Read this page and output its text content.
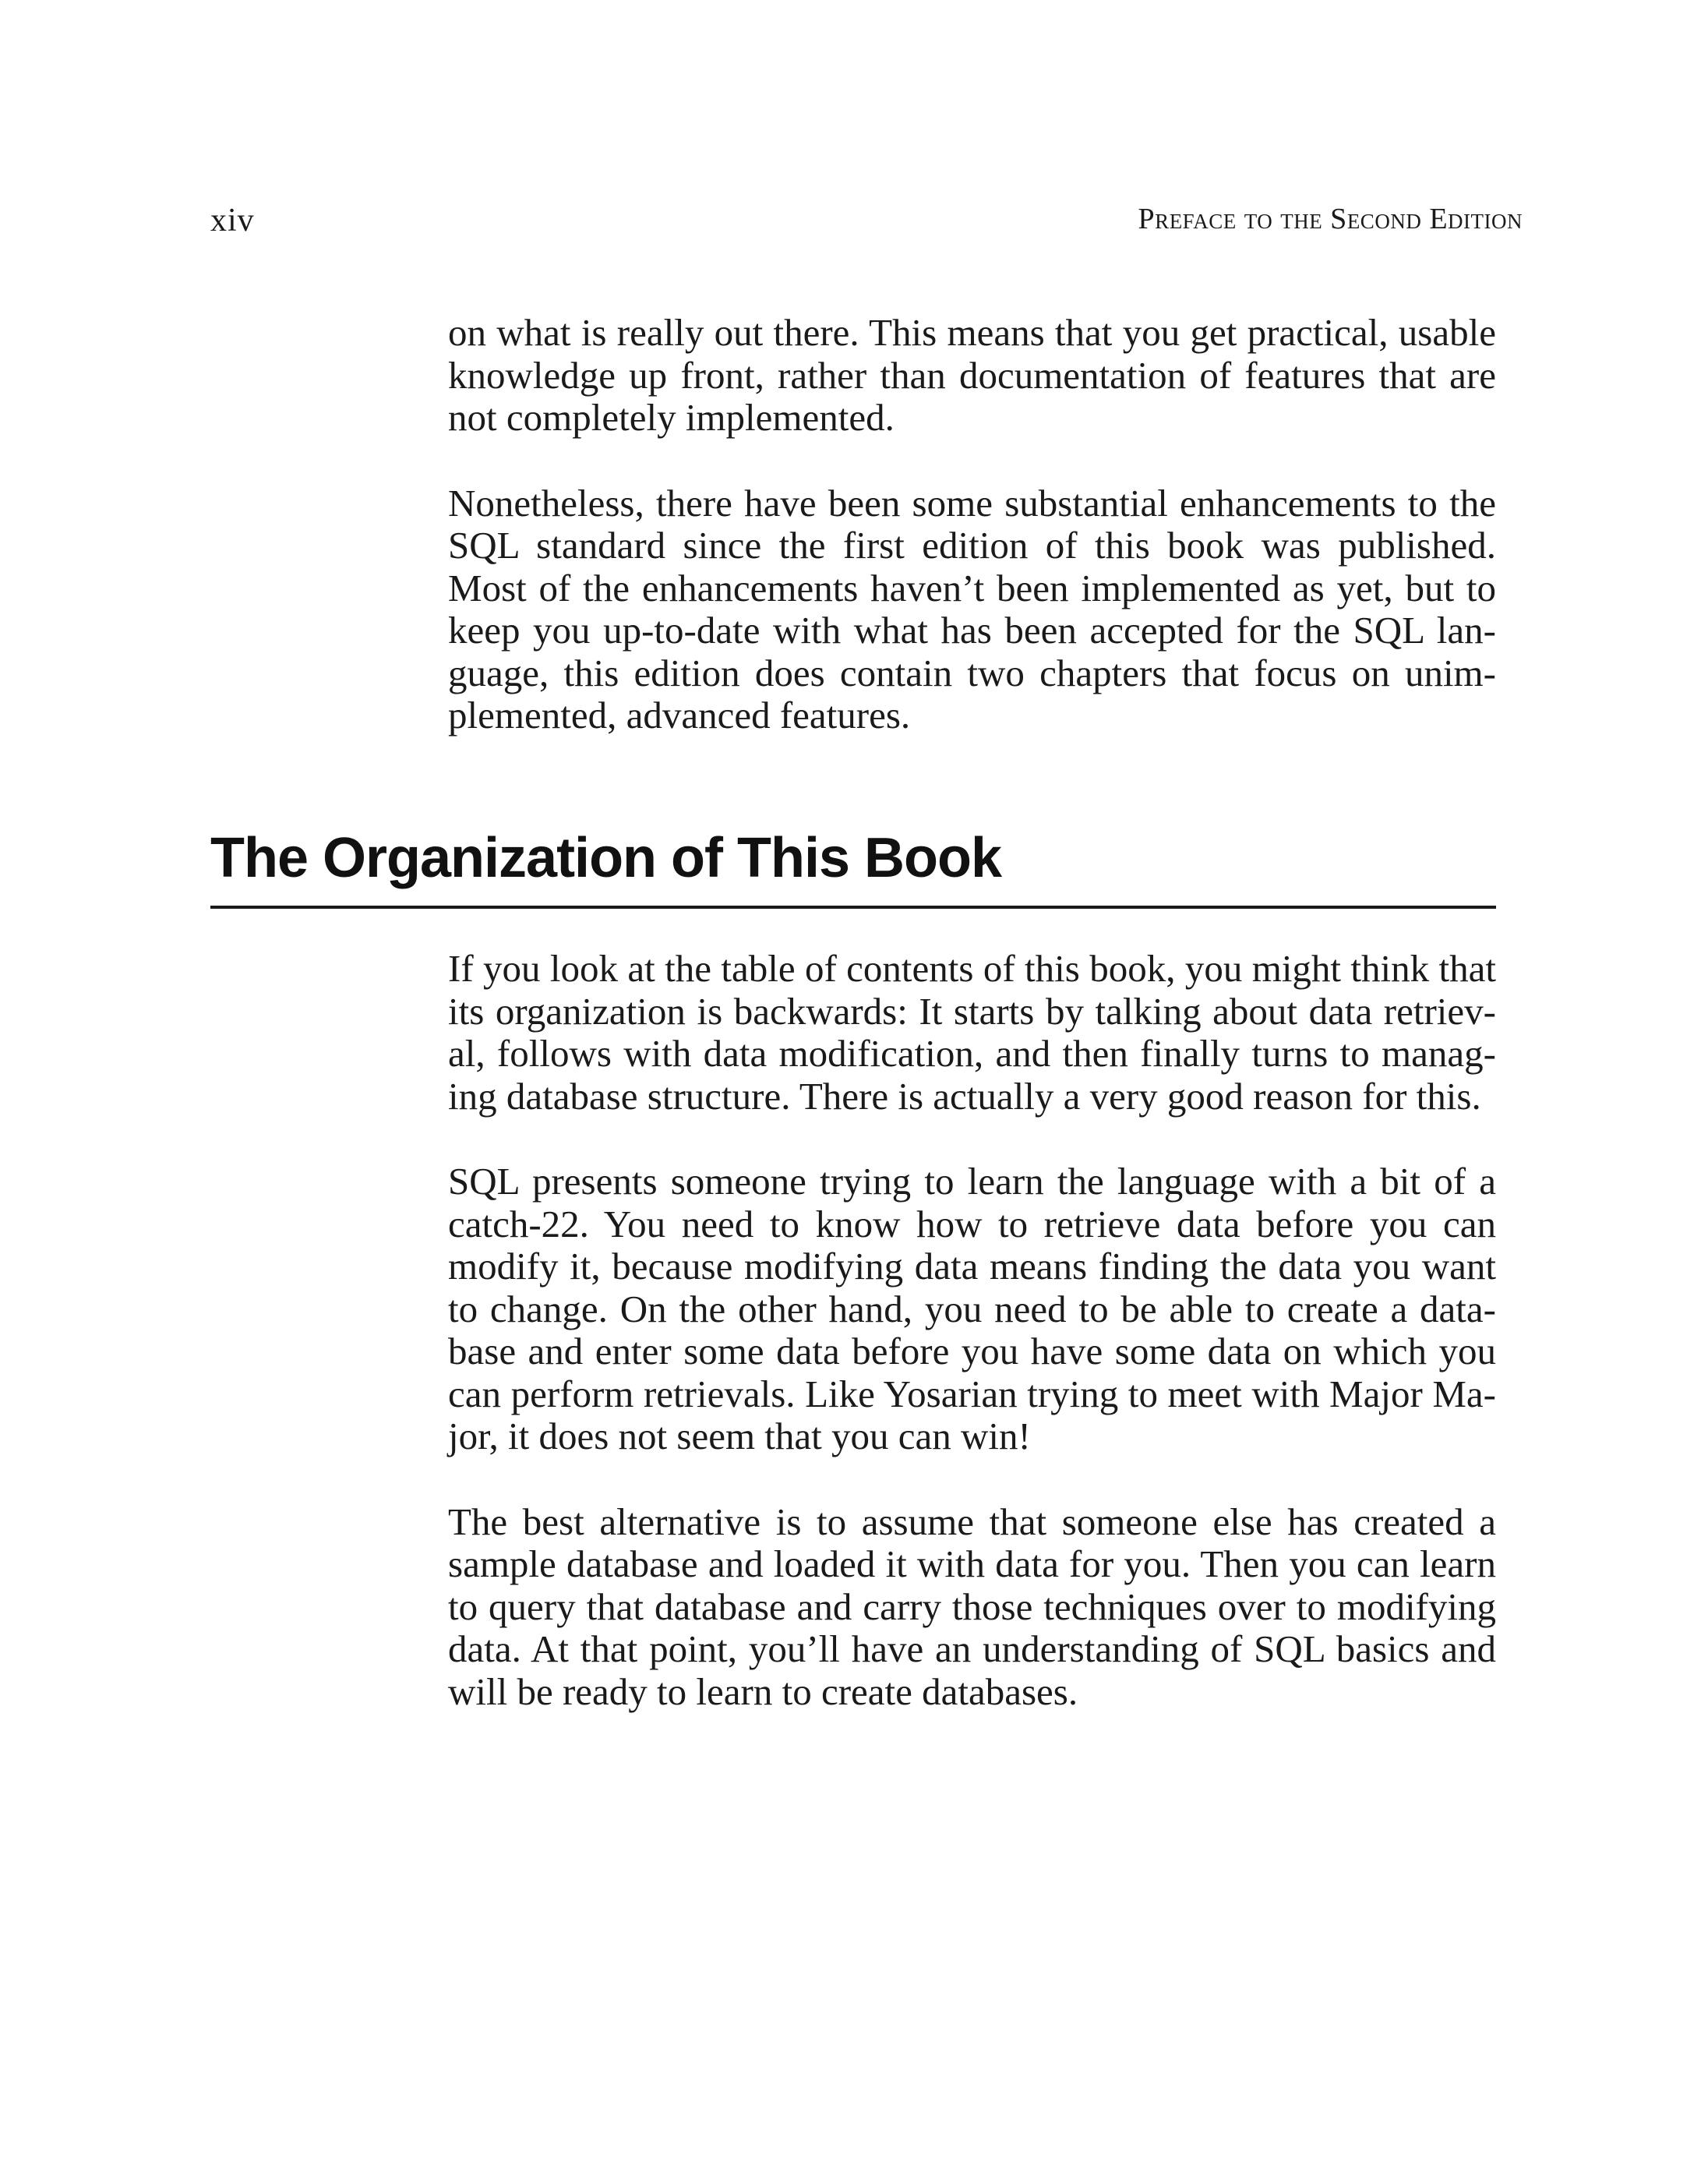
xiv	Preface to the Second Edition

on what is really out there. This means that you get practical, usable knowledge up front, rather than documentation of features that are not completely implemented.

Nonetheless, there have been some substantial enhancements to the SQL standard since the first edition of this book was published. Most of the enhancements haven’t been implemented as yet, but to keep you up-to-date with what has been accepted for the SQL language, this edition does contain two chapters that focus on unimplemented, advanced features.

The Organization of This Book

If you look at the table of contents of this book, you might think that its organization is backwards: It starts by talking about data retrieval, follows with data modification, and then finally turns to managing database structure. There is actually a very good reason for this.

SQL presents someone trying to learn the language with a bit of a catch-22. You need to know how to retrieve data before you can modify it, because modifying data means finding the data you want to change. On the other hand, you need to be able to create a database and enter some data before you have some data on which you can perform retrievals. Like Yosarian trying to meet with Major Major, it does not seem that you can win!

The best alternative is to assume that someone else has created a sample database and loaded it with data for you. Then you can learn to query that database and carry those techniques over to modifying data. At that point, you’ll have an understanding of SQL basics and will be ready to learn to create databases.
